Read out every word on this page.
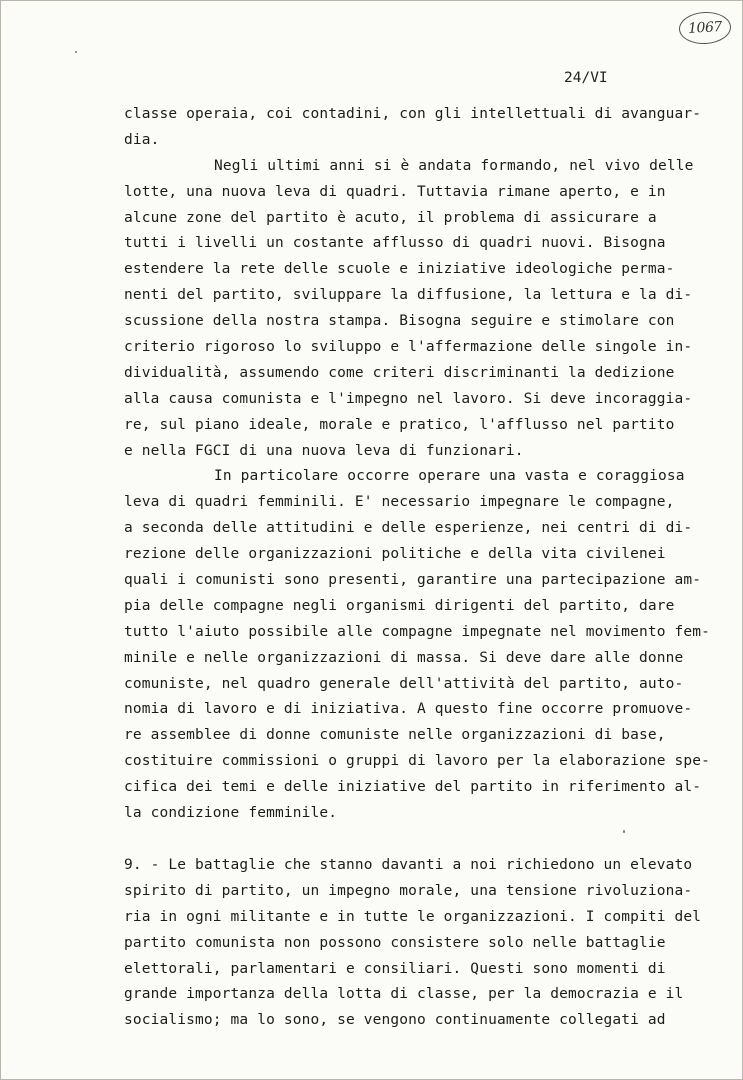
1067
24/VI
classe operaia, coi contadini, con gli intellettuali di avanguar-
dia.
Negli ultimi anni si è andata formando, nel vivo delle
lotte, una nuova leva di quadri. Tuttavia rimane aperto, e in
alcune zone del partito è acuto, il problema di assicurare a
tutti i livelli un costante afflusso di quadri nuovi. Bisogna
estendere la rete delle scuole e iniziative ideologiche perma-
nenti del partito, sviluppare la diffusione, la lettura e la di-
scussione della nostra stampa. Bisogna seguire e stimolare con
criterio rigoroso lo sviluppo e l'affermazione delle singole in-
dividualità, assumendo come criteri discriminanti la dedizione
alla causa comunista e l'impegno nel lavoro. Si deve incoraggia-
re, sul piano ideale, morale e pratico, l'afflusso nel partito
e nella FGCI di una nuova leva di funzionari.
In particolare occorre operare una vasta e coraggiosa
leva di quadri femminili. E' necessario impegnare le compagne,
a seconda delle attitudini e delle esperienze, nei centri di di-
rezione delle organizzazioni politiche e della vita civilenei
quali i comunisti sono presenti, garantire una partecipazione am-
pia delle compagne negli organismi dirigenti del partito, dare
tutto l'aiuto possibile alle compagne impegnate nel movimento fem-
minile e nelle organizzazioni di massa. Si deve dare alle donne
comuniste, nel quadro generale dell'attività del partito, auto-
nomia di lavoro e di iniziativa. A questo fine occorre promuove-
re assemblee di donne comuniste nelle organizzazioni di base,
costituire commissioni o gruppi di lavoro per la elaborazione spe-
cifica dei temi e delle iniziative del partito in riferimento al-
la condizione femminile.
9. - Le battaglie che stanno davanti a noi richiedono un elevato
spirito di partito, un impegno morale, una tensione rivoluziona-
ria in ogni militante e in tutte le organizzazioni. I compiti del
partito comunista non possono consistere solo nelle battaglie
elettorali, parlamentari e consiliari. Questi sono momenti di
grande importanza della lotta di classe, per la democrazia e il
socialismo; ma lo sono, se vengono continuamente collegati ad
